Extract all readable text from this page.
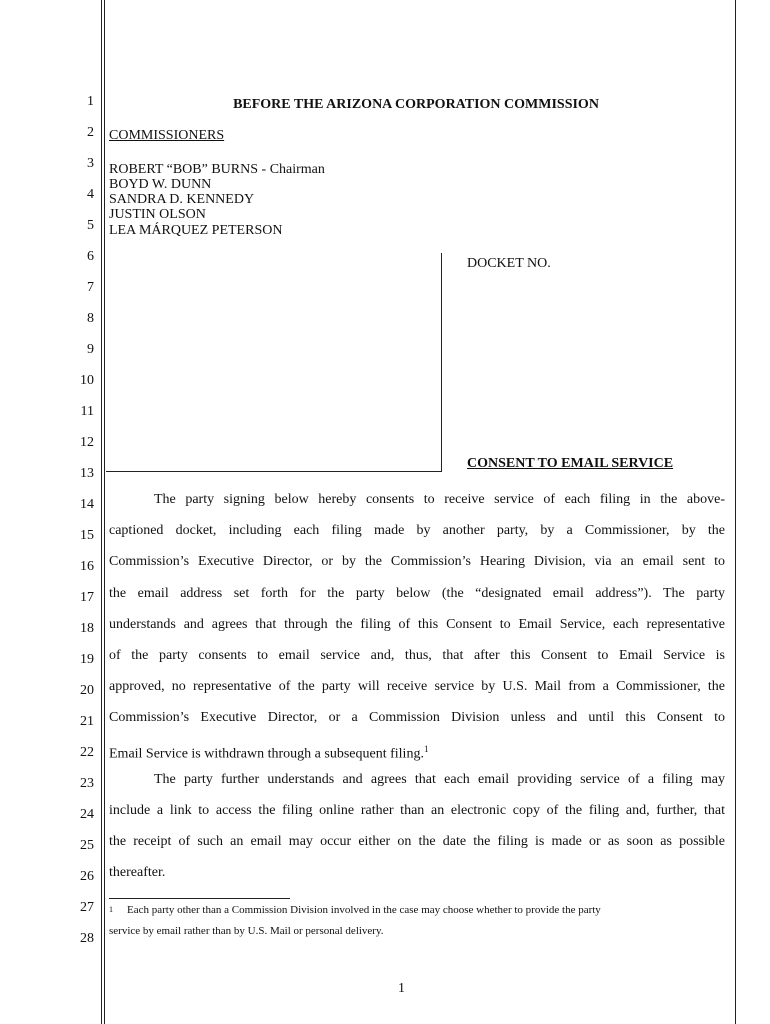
1
2
3
4
5
6
7
8
9
10
11
12
13
14
15
16
17
18
19
20
21
22
23
24
25
26
27
28
BEFORE THE ARIZONA CORPORATION COMMISSION
COMMISSIONERS
ROBERT “BOB” BURNS - Chairman
BOYD W. DUNN
SANDRA D. KENNEDY
JUSTIN OLSON
LEA MÁRQUEZ PETERSON
DOCKET NO.
CONSENT TO EMAIL SERVICE
The party signing below hereby consents to receive service of each filing in the above-
captioned docket, including each filing made by another party, by a Commissioner, by the
Commission’s Executive Director, or by the Commission’s Hearing Division, via an email sent to
the email address set forth for the party below (the “designated email address”). The party
understands and agrees that through the filing of this Consent to Email Service, each representative
of the party consents to email service and, thus, that after this Consent to Email Service is
approved, no representative of the party will receive service by U.S. Mail from a Commissioner, the
Commission’s Executive Director, or a Commission Division unless and until this Consent to
Email Service is withdrawn through a subsequent filing.$^1$
The party further understands and agrees that each email providing service of a filing may
include a link to access the filing online rather than an electronic copy of the filing and, further, that
the receipt of such an email may occur either on the date the filing is made or as soon as possible
thereafter.
$^1$ Each party other than a Commission Division involved in the case may choose whether to provide the party
service by email rather than by U.S. Mail or personal delivery.
1
